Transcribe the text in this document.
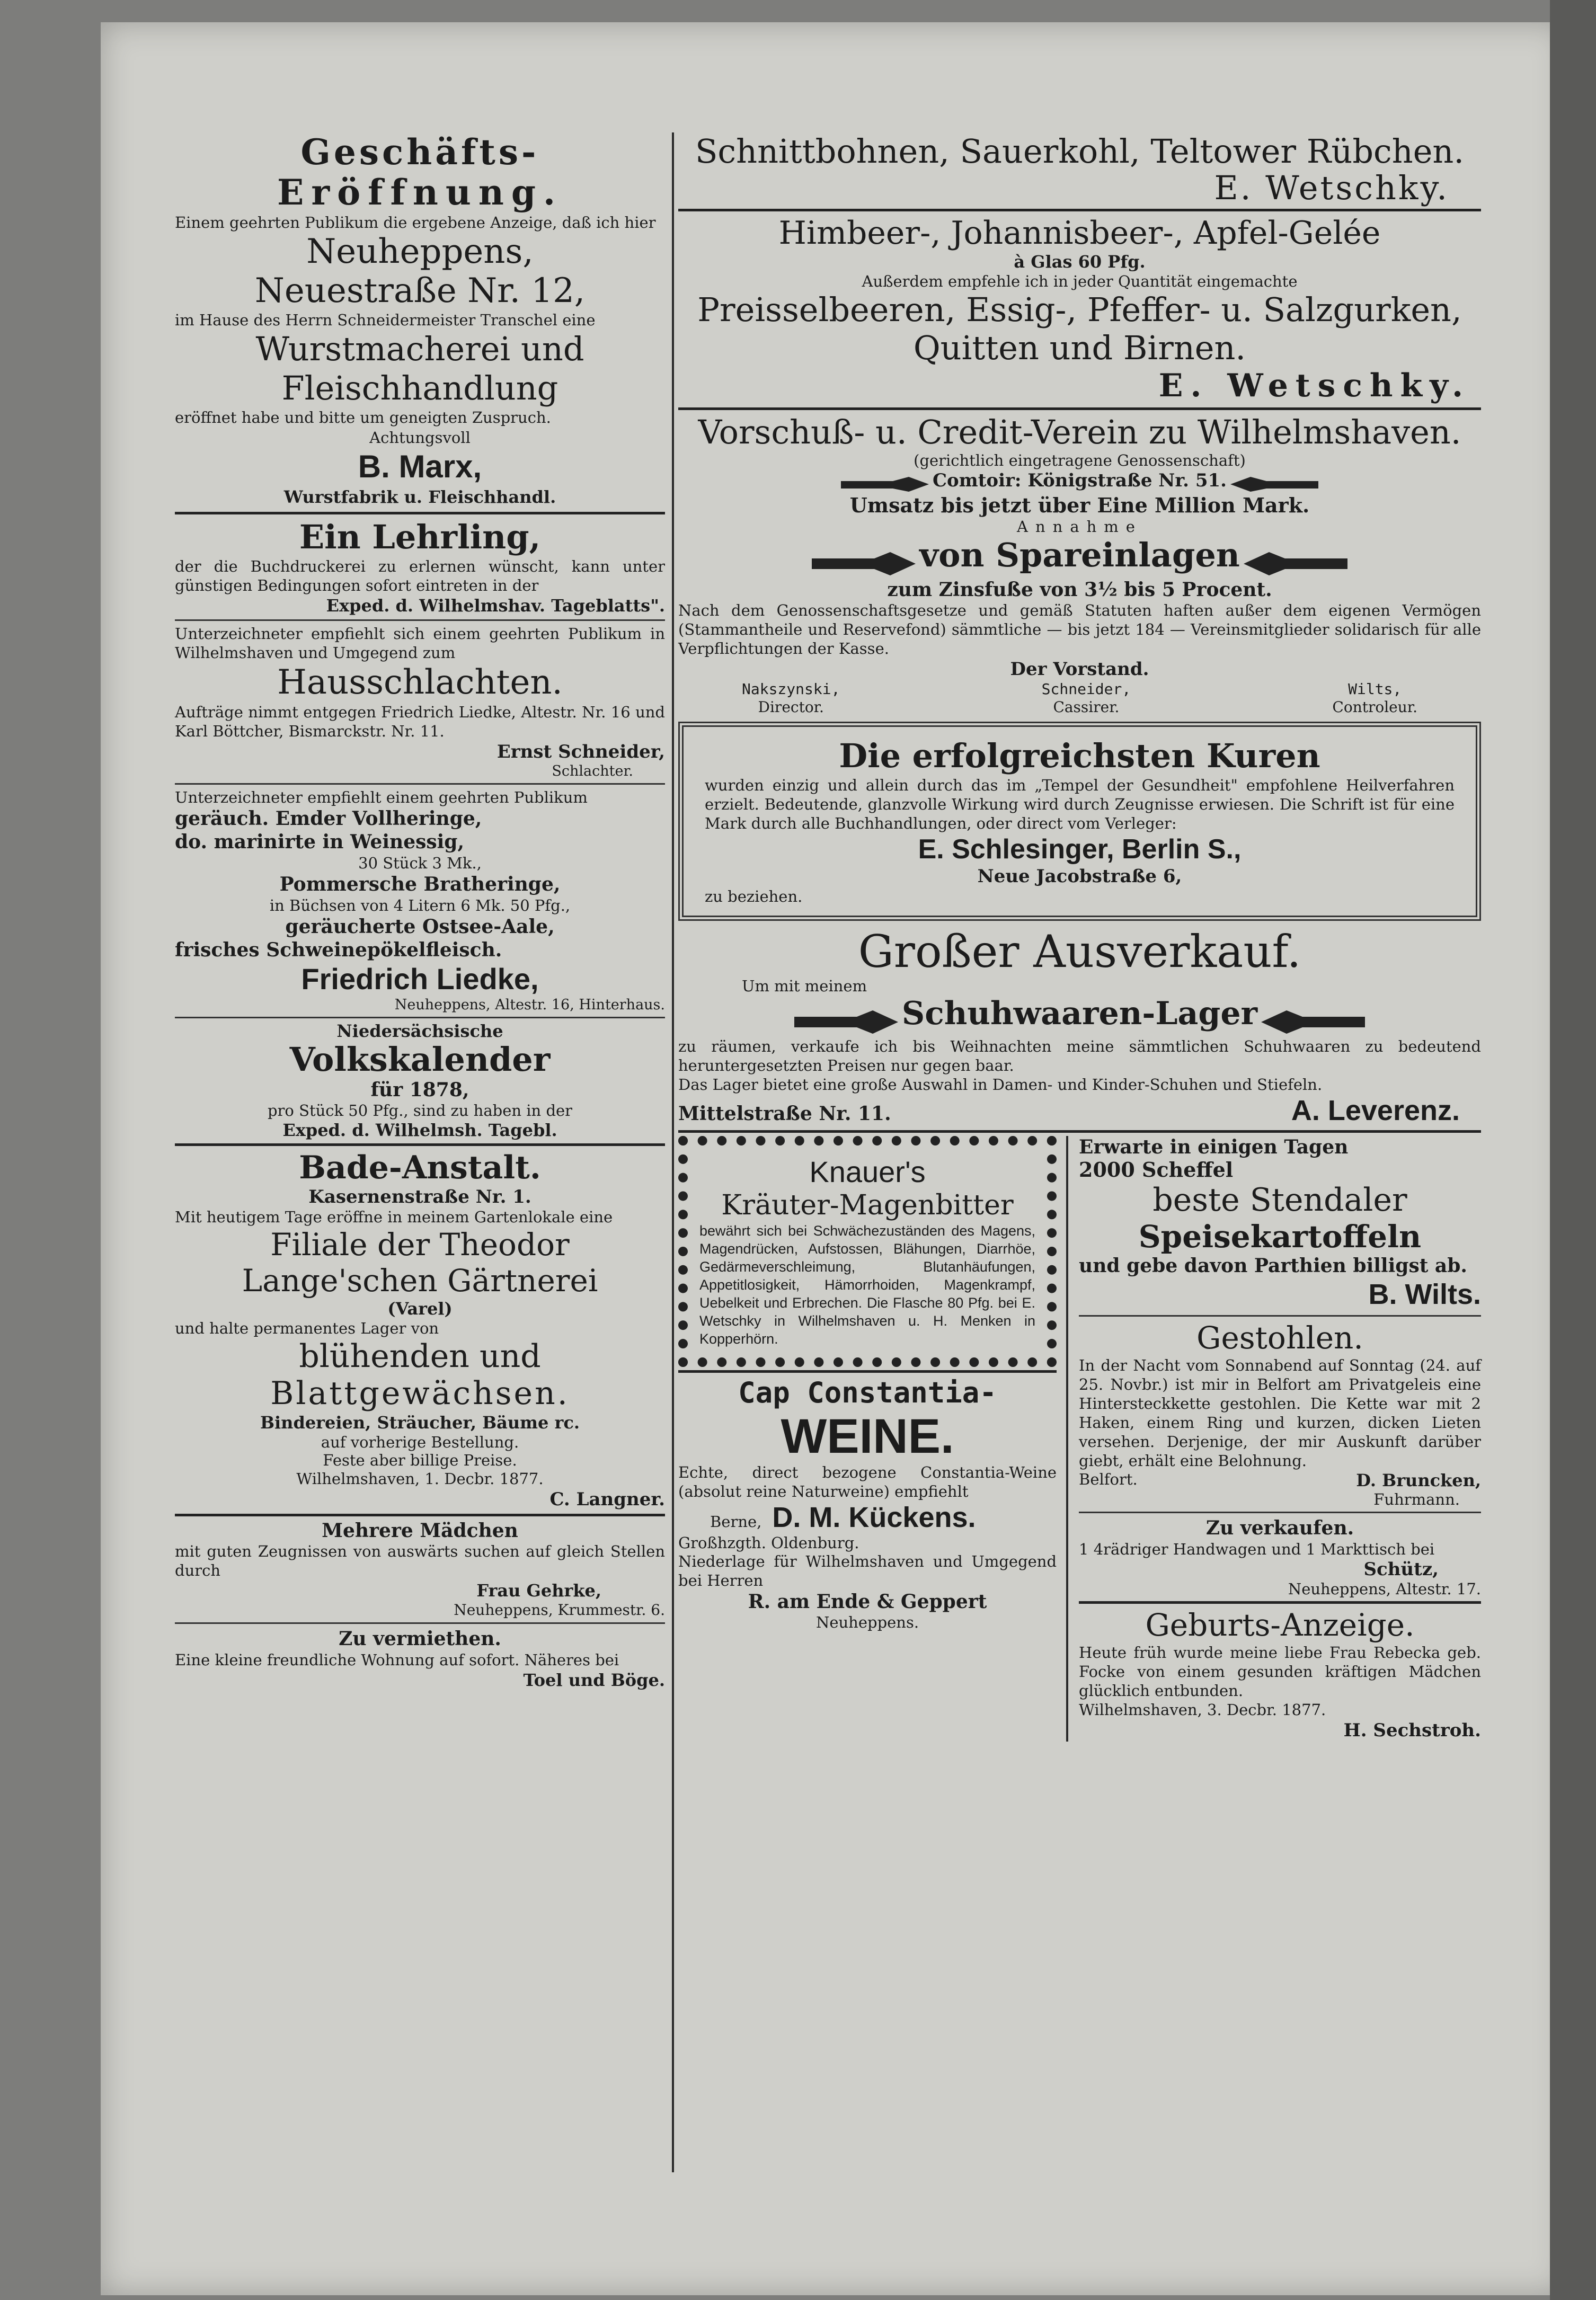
Geschäfts-
Eröffnung.

Einem geehrten Publikum die ergebene Anzeige, daß ich hier

Neuheppens,
Neuestraße Nr. 12,

im Hause des Herrn Schneidermeister Transchel eine

Wurstmacherei und
Fleischhandlung

eröffnet habe und bitte um geneigten Zuspruch.

Achtungsvoll
B. Marx,
Wurstfabrik u. Fleischhandl.
Ein Lehrling,

der die Buchdruckerei zu erlernen wünscht, kann unter günstigen Bedingungen sofort eintreten in der

Exped. d. Wilhelmshav. Tageblatts".

Unterzeichneter empfiehlt sich einem geehrten Publikum in Wilhelmshaven und Umgegend zum

Hausschlachten.

Aufträge nimmt entgegen Friedrich Liedke, Altestr. Nr. 16 und Karl Böttcher, Bismarckstr. Nr. 11.

Ernst Schneider,
Schlachter.

Unterzeichneter empfiehlt einem geehrten Publikum

geräuch. Emder Vollheringe,
do. marinirte in Weinessig,
30 Stück 3 Mk.,
Pommersche Bratheringe,
in Büchsen von 4 Litern 6 Mk. 50 Pfg.,
geräucherte Ostsee-Aale,
frisches Schweinepökelfleisch.
Friedrich Liedke,
Neuheppens, Altestr. 16, Hinterhaus.
Niedersächsische
Volkskalender
für 1878,
pro Stück 50 Pfg., sind zu haben in der
Exped. d. Wilhelmsh. Tagebl.
Bade-Anstalt.
Kasernenstraße Nr. 1.

Mit heutigem Tage eröffne in meinem Gartenlokale eine

Filiale der Theodor
Lange'schen Gärtnerei
(Varel)
und halte permanentes Lager von
blühenden und
Blattgewächsen.
Bindereien, Sträucher, Bäume rc.
auf vorherige Bestellung.
Feste aber billige Preise.
Wilhelmshaven, 1. Decbr. 1877.
C. Langner.
Mehrere Mädchen

mit guten Zeugnissen von auswärts suchen auf gleich Stellen durch

Frau Gehrke,
Neuheppens, Krummestr. 6.
Zu vermiethen.

Eine kleine freundliche Wohnung auf sofort. Näheres bei

Toel und Böge.
Schnittbohnen, Sauerkohl, Teltower Rübchen.
E. Wetschky.
Himbeer-, Johannisbeer-, Apfel-Gelée
à Glas 60 Pfg.
Außerdem empfehle ich in jeder Quantität eingemachte
Preisselbeeren, Essig-, Pfeffer- u. Salzgurken,
Quitten und Birnen.
E. Wetschky.
Vorschuß- u. Credit-Verein zu Wilhelmshaven.
(gerichtlich eingetragene Genossenschaft)
Comtoir: Königstraße Nr. 51.
Umsatz bis jetzt über Eine Million Mark.
Annahme
von Spareinlagen
zum Zinsfuße von 3½ bis 5 Procent.

Nach dem Genossenschaftsgesetze und gemäß Statuten haften außer dem eigenen Vermögen (Stammantheile und Reservefond) sämmtliche — bis jetzt 184 — Vereinsmitglieder solidarisch für alle Verpflichtungen der Kasse.

Der Vorstand.
Nakszynski,
Director.
Schneider,
Cassirer.
Wilts,
Controleur.
Die erfolgreichsten Kuren

wurden einzig und allein durch das im „Tempel der Gesundheit" empfohlene Heilverfahren erzielt. Bedeutende, glanzvolle Wirkung wird durch Zeugnisse erwiesen. Die Schrift ist für eine Mark durch alle Buchhandlungen, oder direct vom Verleger:

E. Schlesinger, Berlin S.,
Neue Jacobstraße 6,
zu beziehen.
Großer Ausverkauf.
Um mit meinem
Schuhwaaren-Lager

zu räumen, verkaufe ich bis Weihnachten meine sämmtlichen Schuhwaaren zu bedeutend heruntergesetzten Preisen nur gegen baar.

Das Lager bietet eine große Auswahl in Damen- und Kinder-Schuhen und Stiefeln.

Mittelstraße Nr. 11.	A. Leverenz.
Knauer's
Kräuter-Magenbitter

bewährt sich bei Schwächezuständen des Magens, Magendrücken, Aufstossen, Blähungen, Diarrhöe, Gedärmeverschleimung, Blutanhäufungen, Appetitlosigkeit, Hämorrhoiden, Magenkrampf, Uebelkeit und Erbrechen. Die Flasche 80 Pfg. bei E. Wetschky in Wilhelmshaven u. H. Menken in Kopperhörn.

Cap Constantia-
WEINE.

Echte, direct bezogene Constantia-Weine (absolut reine Naturweine) empfiehlt

Berne, D. M. Kückens.
Großhzgth. Oldenburg.

Niederlage für Wilhelmshaven und Umgegend bei Herren

R. am Ende & Geppert
Neuheppens.
Erwarte in einigen Tagen
2000 Scheffel
beste Stendaler
Speisekartoffeln
und gebe davon Parthien billigst ab.
B. Wilts.
Gestohlen.

In der Nacht vom Sonnabend auf Sonntag (24. auf 25. Novbr.) ist mir in Belfort am Privatgeleis eine Hintersteckkette gestohlen. Die Kette war mit 2 Haken, einem Ring und kurzen, dicken Lieten versehen. Derjenige, der mir Auskunft darüber giebt, erhält eine Belohnung.

Belfort.	D. Bruncken,
Fuhrmann.
Zu verkaufen.

1 4rädriger Handwagen und 1 Markttisch bei

Schütz,
Neuheppens, Altestr. 17.
Geburts-Anzeige.

Heute früh wurde meine liebe Frau Rebecka geb. Focke von einem gesunden kräftigen Mädchen glücklich entbunden.

Wilhelmshaven, 3. Decbr. 1877.
H. Sechstroh.
